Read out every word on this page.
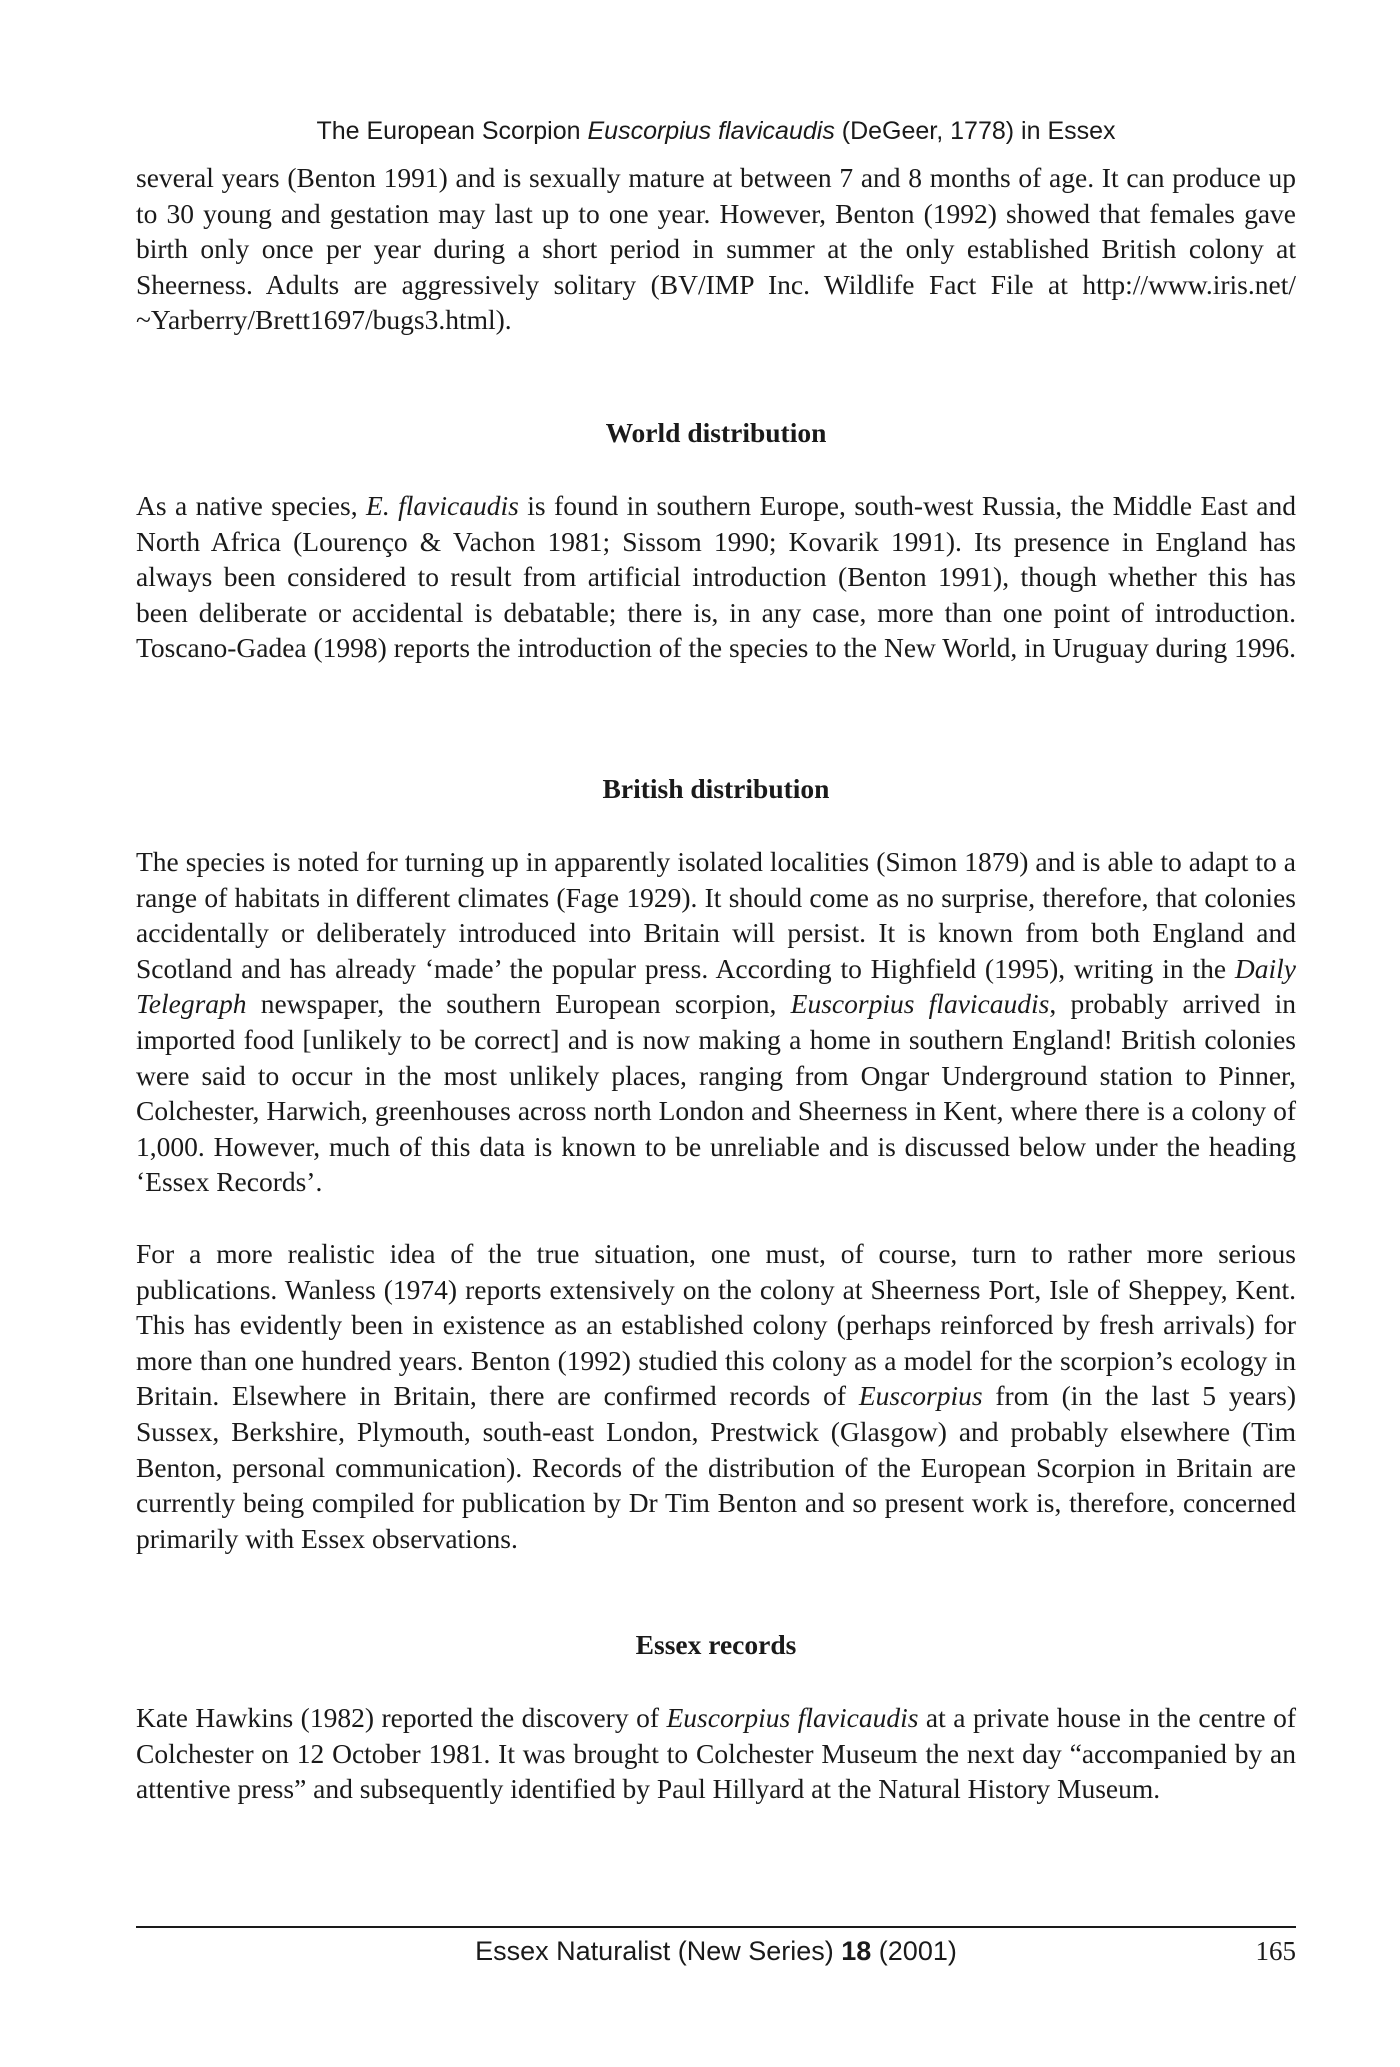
The European Scorpion Euscorpius flavicaudis (DeGeer, 1778) in Essex

several years (Benton 1991) and is sexually mature at between 7 and 8 months of age. It can produce up to 30 young and gestation may last up to one year. However, Benton (1992) showed that females gave birth only once per year during a short period in summer at the only established British colony at Sheerness. Adults are aggressively solitary (BV/IMP Inc. Wildlife Fact File at http://www.iris.net/ ~Yarberry/Brett1697/bugs3.html).

World distribution

As a native species, E. flavicaudis is found in southern Europe, south-west Russia, the Middle East and North Africa (Lourenço & Vachon 1981; Sissom 1990; Kovarik 1991). Its presence in England has always been considered to result from artificial introduction (Benton 1991), though whether this has been deliberate or accidental is debatable; there is, in any case, more than one point of introduction. Toscano-Gadea (1998) reports the introduction of the species to the New World, in Uruguay during 1996.

British distribution

The species is noted for turning up in apparently isolated localities (Simon 1879) and is able to adapt to a range of habitats in different climates (Fage 1929). It should come as no surprise, therefore, that colonies accidentally or deliberately introduced into Britain will persist. It is known from both England and Scotland and has already ‘made’ the popular press. According to Highfield (1995), writing in the Daily Telegraph newspaper, the southern European scorpion, Euscorpius flavicaudis, probably arrived in imported food [unlikely to be correct] and is now making a home in southern England! British colonies were said to occur in the most unlikely places, ranging from Ongar Underground station to Pinner, Colchester, Harwich, greenhouses across north London and Sheerness in Kent, where there is a colony of 1,000. However, much of this data is known to be unreliable and is discussed below under the heading ‘Essex Records’.

For a more realistic idea of the true situation, one must, of course, turn to rather more serious publications. Wanless (1974) reports extensively on the colony at Sheerness Port, Isle of Sheppey, Kent. This has evidently been in existence as an established colony (perhaps reinforced by fresh arrivals) for more than one hundred years. Benton (1992) studied this colony as a model for the scorpion’s ecology in Britain. Elsewhere in Britain, there are confirmed records of Euscorpius from (in the last 5 years) Sussex, Berkshire, Plymouth, south-east London, Prestwick (Glasgow) and probably elsewhere (Tim Benton, personal communication). Records of the distribution of the European Scorpion in Britain are currently being compiled for publication by Dr Tim Benton and so present work is, therefore, concerned primarily with Essex observations.

Essex records

Kate Hawkins (1982) reported the discovery of Euscorpius flavicaudis at a private house in the centre of Colchester on 12 October 1981. It was brought to Colchester Museum the next day “accompanied by an attentive press” and subsequently identified by Paul Hillyard at the Natural History Museum.

Essex Naturalist (New Series) 18 (2001)	165
